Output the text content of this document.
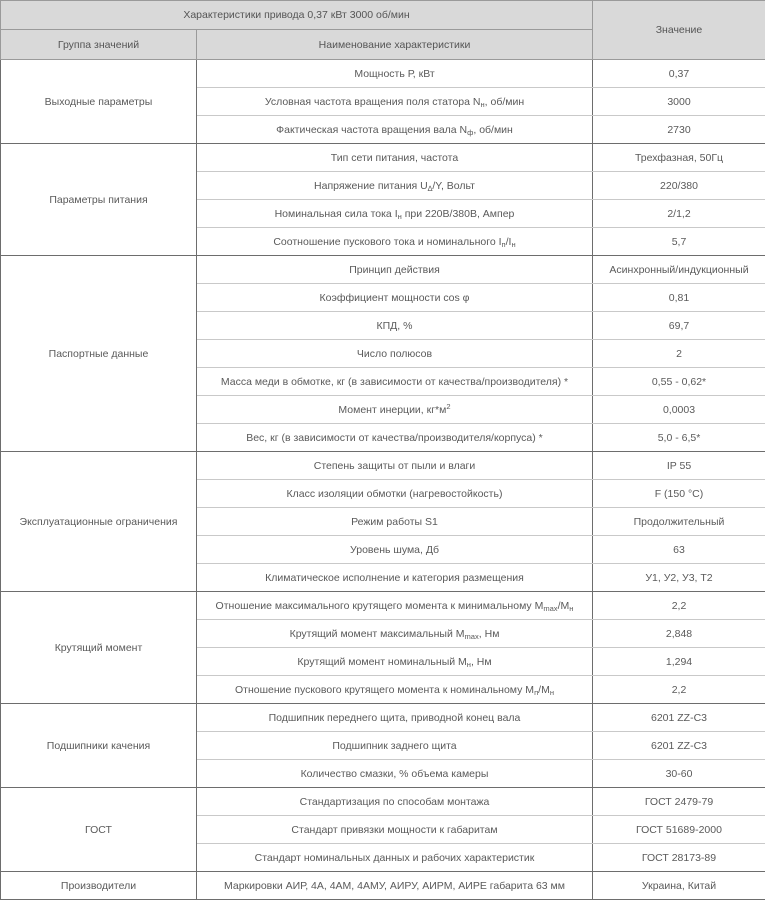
Характеристики привода 0,37 кВт 3000 об/мин		Значение
Группа значений	Наименование характеристики	
Выходные параметры	Мощность Р, кВт	0,37
	Условная частота вращения поля статора $N_н$, об/мин	3000
	Фактическая частота вращения вала $N_ф$, об/мин	2730
Параметры питания	Тип сети питания, частота	Трехфазная, 50Гц
	Напряжение питания $U_\Delta/Y$, Вольт	220/380
	Номинальная сила тока $I_н$ при 220В/380В, Ампер	2/1,2
	Соотношение пускового тока и номинального $I_п/I_н$	5,7
Паспортные данные	Принцип действия	Асинхронный/индукционный
	Коэффициент мощности cos φ	0,81
	КПД, %	69,7
	Число полюсов	2
	Масса меди в обмотке, кг (в зависимости от качества/производителя) *	0,55 - 0,62*
	Момент инерции, $кг*м^2$	0,0003
	Вес, кг (в зависимости от качества/производителя/корпуса) *	5,0 - 6,5*
Эксплуатационные ограничения	Степень защиты от пыли и влаги	IP 55
	Класс изоляции обмотки (нагревостойкость)	F (150 °C)
	Режим работы S1	Продолжительный
	Уровень шума, Дб	63
	Климатическое исполнение и категория размещения	У1, У2, У3, Т2
Крутящий момент	Отношение максимального крутящего момента к минимальному $M_{max}/M_н$	2,2
	Крутящий момент максимальный $M_{max}$, Нм	2,848
	Крутящий момент номинальный $M_н$, Нм	1,294
	Отношение пускового крутящего момента к номинальному $M_п/M_н$	2,2
Подшипники качения	Подшипник переднего щита, приводной конец вала	6201 ZZ-C3
	Подшипник заднего щита	6201 ZZ-C3
	Количество смазки, % объема камеры	30-60
ГОСТ	Стандартизация по способам монтажа	ГОСТ 2479-79
	Стандарт привязки мощности к габаритам	ГОСТ 51689-2000
	Стандарт номинальных данных и рабочих характеристик	ГОСТ 28173-89
Производители	Маркировки АИР, 4А, 4АМ, 4АМУ, АИРУ, АИРМ, АИРЕ габарита 63 мм	Украина, Китай
